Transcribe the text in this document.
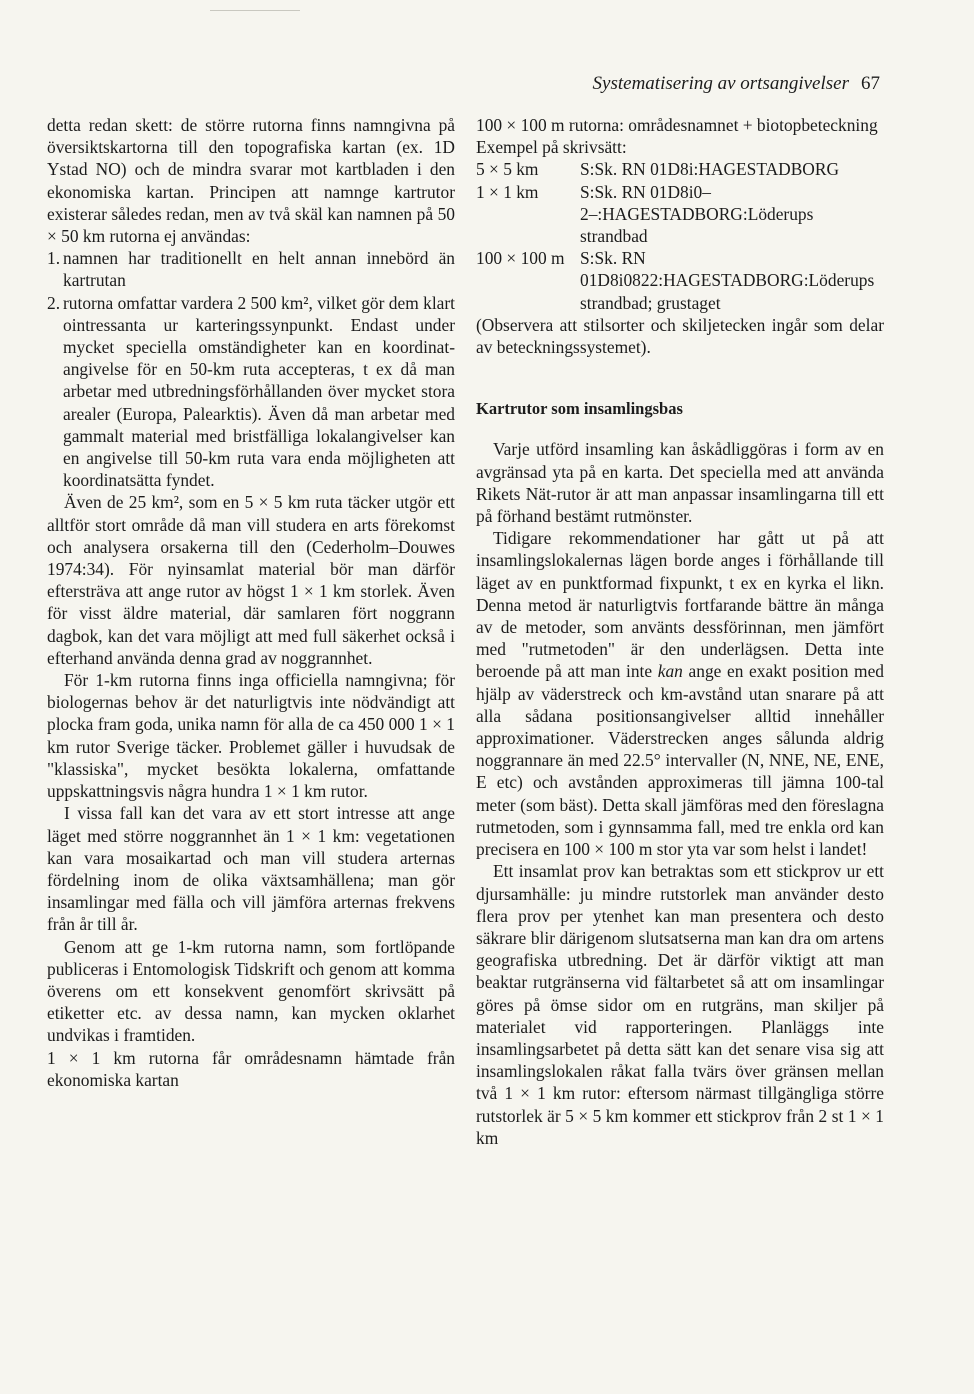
Systematisering av ortsangivelser 67

detta redan skett: de större rutorna finns namngivna på översiktskartorna till den topografiska kartan (ex. 1D Ystad NO) och de mindra svarar mot kartbladen i den ekonomiska kartan. Principen att namnge kartrutor existerar således redan, men av två skäl kan namnen på 50 × 50 km rutorna ej användas:

1. namnen har traditionellt en helt annan innebörd än kartrutan
2. rutorna omfattar vardera 2 500 km², vilket gör dem klart ointressanta ur karteringssynpunkt. Endast under mycket speciella omständigheter kan en koordinat-angivelse för en 50-km ruta accepteras, t ex då man arbetar med utbredningsförhållanden över mycket stora arealer (Europa, Palearktis). Även då man arbetar med gammalt material med bristfälliga lokalangivelser kan en angivelse till 50-km ruta vara enda möjligheten att koordinatsätta fyndet.

Även de 25 km², som en 5 × 5 km ruta täcker utgör ett alltför stort område då man vill studera en arts förekomst och analysera orsakerna till den (Cederholm–Douwes 1974:34). För nyinsamlat material bör man därför eftersträva att ange rutor av högst 1 × 1 km storlek. Även för visst äldre material, där samlaren fört noggrann dagbok, kan det vara möjligt att med full säkerhet också i efterhand använda denna grad av noggrannhet.

För 1-km rutorna finns inga officiella namngivna; för biologernas behov är det naturligtvis inte nödvändigt att plocka fram goda, unika namn för alla de ca 450 000 1 × 1 km rutor Sverige täcker. Problemet gäller i huvudsak de "klassiska", mycket besökta lokalerna, omfattande uppskattningsvis några hundra 1 × 1 km rutor.

I vissa fall kan det vara av ett stort intresse att ange läget med större noggrannhet än 1 × 1 km: vegetationen kan vara mosaikartad och man vill studera arternas fördelning inom de olika växtsamhällena; man gör insamlingar med fälla och vill jämföra arternas frekvens från år till år.

Genom att ge 1-km rutorna namn, som fortlöpande publiceras i Entomologisk Tidskrift och genom att komma överens om ett konsekvent genomfört skrivsätt på etiketter etc. av dessa namn, kan mycken oklarhet undvikas i framtiden.

1 × 1 km rutorna får områdesnamn hämtade från ekonomiska kartan

100 × 100 m rutorna: områdesnamnet + biotopbeteckning

Exempel på skrivsätt:

5 × 5 km	S:Sk. RN 01D8i:HAGESTADBORG
1 × 1 km	S:Sk. RN 01D8i0–2–:HAGESTADBORG:Löderups strandbad
100 × 100 m S:Sk. RN 01D8i0822:HAGESTADBORG:Löderups strandbad; grustaget

(Observera att stilsorter och skiljetecken ingår som delar av beteckningssystemet).

Kartrutor som insamlingsbas

Varje utförd insamling kan åskådliggöras i form av en avgränsad yta på en karta. Det speciella med att använda Rikets Nät-rutor är att man anpassar insamlingarna till ett på förhand bestämt rutmönster.

Tidigare rekommendationer har gått ut på att insamlingslokalernas lägen borde anges i förhållande till läget av en punktformad fixpunkt, t ex en kyrka el likn. Denna metod är naturligtvis fortfarande bättre än många av de metoder, som använts dessförinnan, men jämfört med "rutmetoden" är den underlägsen. Detta inte beroende på att man inte kan ange en exakt position med hjälp av väderstreck och km-avstånd utan snarare på att alla sådana positionsangivelser alltid innehåller approximationer. Väderstrecken anges sålunda aldrig noggrannare än med 22.5° intervaller (N, NNE, NE, ENE, E etc) och avstånden approximeras till jämna 100-tal meter (som bäst). Detta skall jämföras med den föreslagna rutmetoden, som i gynnsamma fall, med tre enkla ord kan precisera en 100 × 100 m stor yta var som helst i landet!

Ett insamlat prov kan betraktas som ett stickprov ur ett djursamhälle: ju mindre rutstorlek man använder desto flera prov per ytenhet kan man presentera och desto säkrare blir därigenom slutsatserna man kan dra om artens geografiska utbredning. Det är därför viktigt att man beaktar rutgränserna vid fältarbetet så att om insamlingar göres på ömse sidor om en rutgräns, man skiljer på materialet vid rapporteringen. Planläggs inte insamlingsarbetet på detta sätt kan det senare visa sig att insamlingslokalen råkat falla tvärs över gränsen mellan två 1 × 1 km rutor: eftersom närmast tillgängliga större rutstorlek är 5 × 5 km kommer ett stickprov från 2 st 1 × 1 km
